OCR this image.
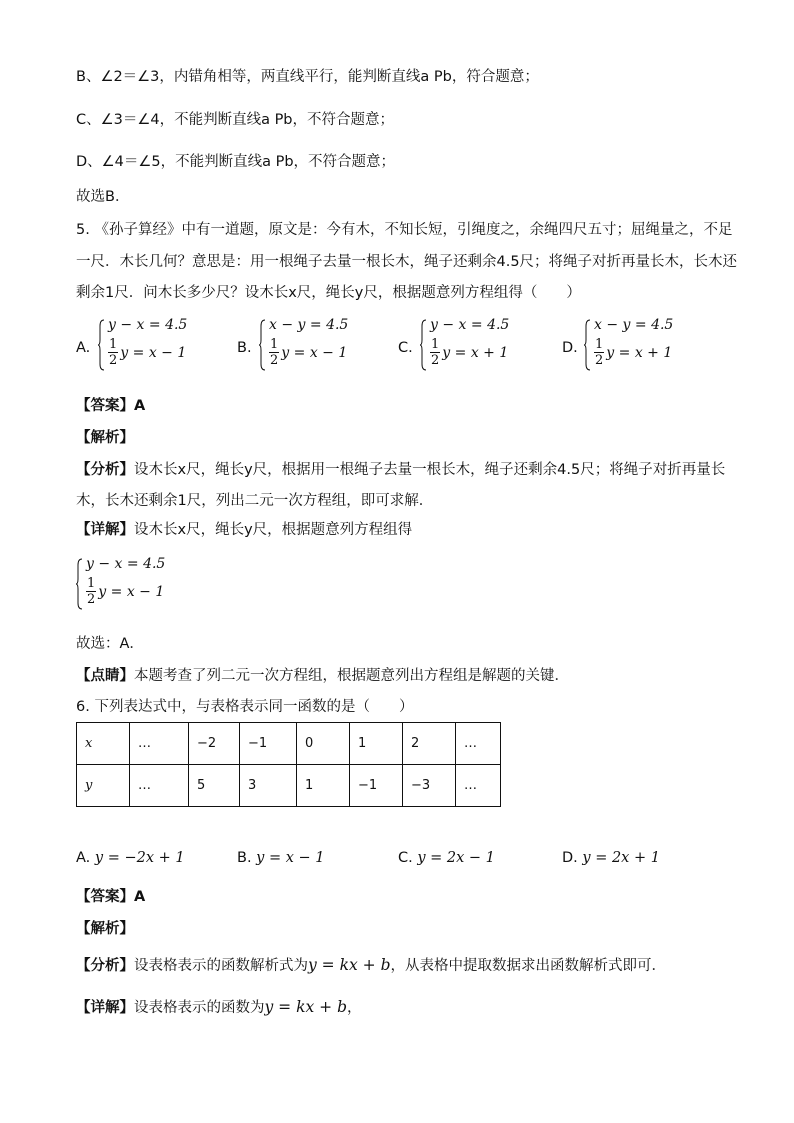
B、∠2＝∠3，内错角相等，两直线平行，能判断直线a Pb，符合题意；
C、∠3＝∠4，不能判断直线a Pb，不符合题意；
D、∠4＝∠5，不能判断直线a Pb，不符合题意；
故选B．
5. 《孙子算经》中有一道题，原文是：今有木，不知长短，引绳度之，余绳四尺五寸；屈绳量之，不足
一尺．木长几何？意思是：用一根绳子去量一根长木，绳子还剩余4.5尺；将绳子对折再量长木，长木还
剩余1尺．问木长多少尺？设木长x尺，绳长y尺，根据题意列方程组得（　　）
A.
y − x = 4.5
$\frac{1}{2}$ y = x − 1	B.
x − y = 4.5
$\frac{1}{2}$ y = x − 1	C.
y − x = 4.5
$\frac{1}{2}$ y = x + 1	D.
x − y = 4.5
$\frac{1}{2}$ y = x + 1
【答案】A
【解析】
【分析】设木长x尺，绳长y尺，根据用一根绳子去量一根长木，绳子还剩余4.5尺；将绳子对折再量长
木，长木还剩余1尺，列出二元一次方程组，即可求解．
【详解】设木长x尺，绳长y尺，根据题意列方程组得
y − x = 4.5
$\frac{1}{2}$ y = x − 1
故选：A．
【点睛】本题考查了列二元一次方程组，根据题意列出方程组是解题的关键．
6. 下列表达式中，与表格表示同一函数的是（　　）
x	…	−2	−1	0	1	2	…
y	…	5	3	1	−1	−3	…
A. y = −2x + 1	B. y = x − 1	C. y = 2x − 1	D. y = 2x + 1
【答案】A
【解析】
【分析】设表格表示的函数解析式为y = kx + b，从表格中提取数据求出函数解析式即可．
【详解】设表格表示的函数为y = kx + b，
